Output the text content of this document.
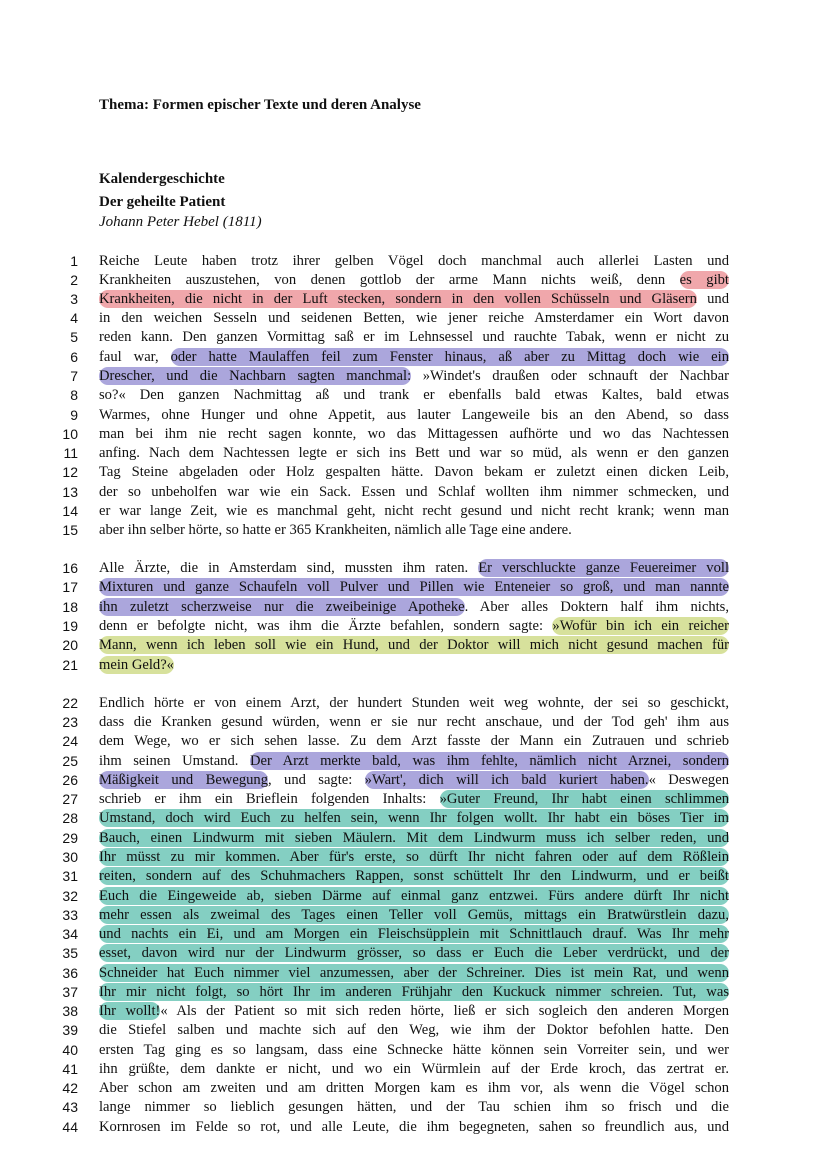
Thema: Formen epischer Texte und deren Analyse
Kalendergeschichte
Der geheilte Patient
Johann Peter Hebel (1811)
1 Reiche Leute haben trotz ihrer gelben Vögel doch manchmal auch allerlei Lasten und
2 Krankheiten auszustehen, von denen gottlob der arme Mann nichts weiß, denn es gibt
3 Krankheiten, die nicht in der Luft stecken, sondern in den vollen Schüsseln und Gläsern und
4 in den weichen Sesseln und seidenen Betten, wie jener reiche Amsterdamer ein Wort davon
5 reden kann. Den ganzen Vormittag saß er im Lehnsessel und rauchte Tabak, wenn er nicht zu
6 faul war, oder hatte Maulaffen feil zum Fenster hinaus, aß aber zu Mittag doch wie ein
7 Drescher, und die Nachbarn sagten manchmal: »Windet's draußen oder schnauft der Nachbar
8 so?« Den ganzen Nachmittag aß und trank er ebenfalls bald etwas Kaltes, bald etwas
9 Warmes, ohne Hunger und ohne Appetit, aus lauter Langeweile bis an den Abend, so dass
10 man bei ihm nie recht sagen konnte, wo das Mittagessen aufhörte und wo das Nachtessen
11 anfing. Nach dem Nachtessen legte er sich ins Bett und war so müd, als wenn er den ganzen
12 Tag Steine abgeladen oder Holz gespalten hätte. Davon bekam er zuletzt einen dicken Leib,
13 der so unbeholfen war wie ein Sack. Essen und Schlaf wollten ihm nimmer schmecken, und
14 er war lange Zeit, wie es manchmal geht, nicht recht gesund und nicht recht krank; wenn man
15 aber ihn selber hörte, so hatte er 365 Krankheiten, nämlich alle Tage eine andere.
16 Alle Ärzte, die in Amsterdam sind, mussten ihm raten. Er verschluckte ganze Feuereimer voll
17 Mixturen und ganze Schaufeln voll Pulver und Pillen wie Enteneier so groß, und man nannte
18 ihn zuletzt scherzweise nur die zweibeinige Apotheke. Aber alles Doktern half ihm nichts,
19 denn er befolgte nicht, was ihm die Ärzte befahlen, sondern sagte: »Wofür bin ich ein reicher
20 Mann, wenn ich leben soll wie ein Hund, und der Doktor will mich nicht gesund machen für
21 mein Geld?«
22 Endlich hörte er von einem Arzt, der hundert Stunden weit weg wohnte, der sei so geschickt,
23 dass die Kranken gesund würden, wenn er sie nur recht anschaue, und der Tod geh' ihm aus
24 dem Wege, wo er sich sehen lasse. Zu dem Arzt fasste der Mann ein Zutrauen und schrieb
25 ihm seinen Umstand. Der Arzt merkte bald, was ihm fehlte, nämlich nicht Arznei, sondern
26 Mäßigkeit und Bewegung, und sagte: »Wart', dich will ich bald kuriert haben.« Deswegen
27 schrieb er ihm ein Brieflein folgenden Inhalts: »Guter Freund, Ihr habt einen schlimmen
28 Umstand, doch wird Euch zu helfen sein, wenn Ihr folgen wollt. Ihr habt ein böses Tier im
29 Bauch, einen Lindwurm mit sieben Mäulern. Mit dem Lindwurm muss ich selber reden, und
30 Ihr müsst zu mir kommen. Aber für's erste, so dürft Ihr nicht fahren oder auf dem Rößlein
31 reiten, sondern auf des Schuhmachers Rappen, sonst schüttelt Ihr den Lindwurm, und er beißt
32 Euch die Eingeweide ab, sieben Därme auf einmal ganz entzwei. Fürs andere dürft Ihr nicht
33 mehr essen als zweimal des Tages einen Teller voll Gemüs, mittags ein Bratwürstlein dazu,
34 und nachts ein Ei, und am Morgen ein Fleischsüpplein mit Schnittlauch drauf. Was Ihr mehr
35 esset, davon wird nur der Lindwurm grösser, so dass er Euch die Leber verdrückt, und der
36 Schneider hat Euch nimmer viel anzumessen, aber der Schreiner. Dies ist mein Rat, und wenn
37 Ihr mir nicht folgt, so hört Ihr im anderen Frühjahr den Kuckuck nimmer schreien. Tut, was
38 Ihr wollt!« Als der Patient so mit sich reden hörte, ließ er sich sogleich den anderen Morgen
39 die Stiefel salben und machte sich auf den Weg, wie ihm der Doktor befohlen hatte. Den
40 ersten Tag ging es so langsam, dass eine Schnecke hätte können sein Vorreiter sein, und wer
41 ihn grüßte, dem dankte er nicht, und wo ein Würmlein auf der Erde kroch, das zertrat er.
42 Aber schon am zweiten und am dritten Morgen kam es ihm vor, als wenn die Vögel schon
43 lange nimmer so lieblich gesungen hätten, und der Tau schien ihm so frisch und die
44 Kornrosen im Felde so rot, und alle Leute, die ihm begegneten, sahen so freundlich aus, und
